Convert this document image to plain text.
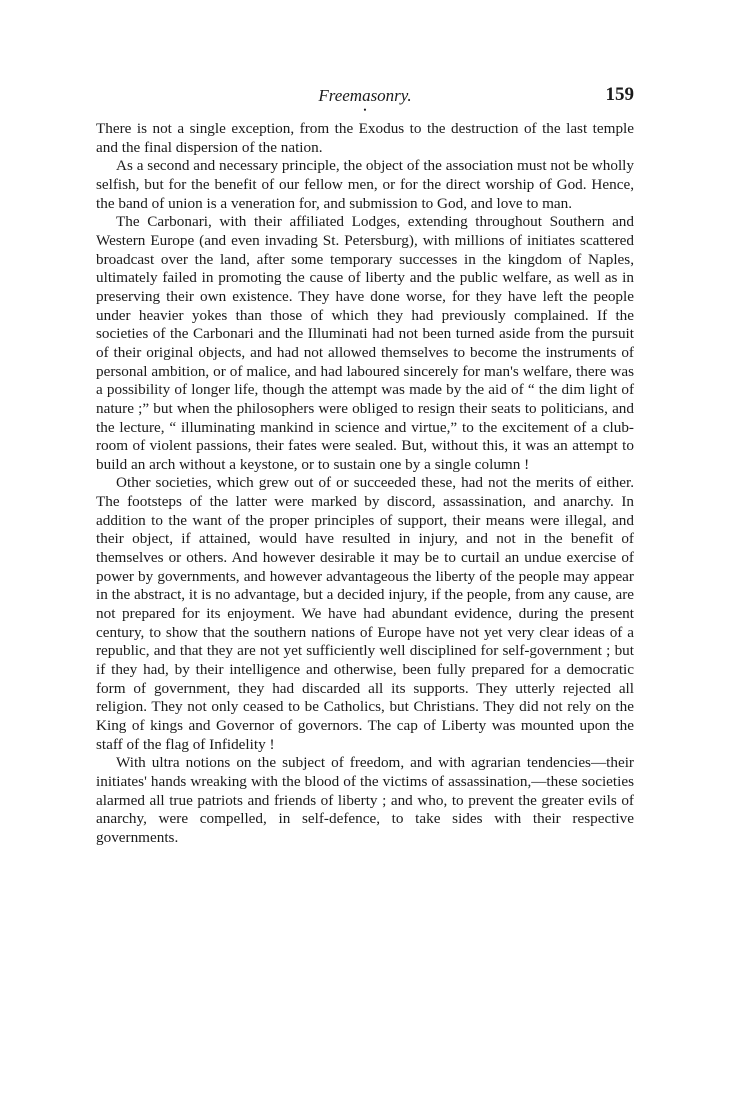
Freemasonry.	159
•

There is not a single exception, from the Exodus to the destruction of the last temple and the final dispersion of the nation.

As a second and necessary principle, the object of the association must not be wholly selfish, but for the benefit of our fellow men, or for the direct worship of God. Hence, the band of union is a veneration for, and submission to God, and love to man.

The Carbonari, with their affiliated Lodges, extending throughout Southern and Western Europe (and even invading St. Petersburg), with millions of initiates scattered broadcast over the land, after some temporary successes in the kingdom of Naples, ultimately failed in promoting the cause of liberty and the public welfare, as well as in preserving their own existence. They have done worse, for they have left the people under heavier yokes than those of which they had previously complained. If the societies of the Carbonari and the Illuminati had not been turned aside from the pursuit of their original objects, and had not allowed themselves to become the instruments of personal ambition, or of malice, and had laboured sincerely for man's welfare, there was a possibility of longer life, though the attempt was made by the aid of “ the dim light of nature ;” but when the philosophers were obliged to resign their seats to politicians, and the lecture, “ illuminating mankind in science and virtue,” to the excitement of a club-room of violent passions, their fates were sealed. But, without this, it was an attempt to build an arch without a keystone, or to sustain one by a single column !

Other societies, which grew out of or succeeded these, had not the merits of either. The footsteps of the latter were marked by discord, assassination, and anarchy. In addition to the want of the proper principles of support, their means were illegal, and their object, if attained, would have resulted in injury, and not in the benefit of themselves or others. And however desirable it may be to curtail an undue exercise of power by governments, and however advantageous the liberty of the people may appear in the abstract, it is no advantage, but a decided injury, if the people, from any cause, are not prepared for its enjoyment. We have had abundant evidence, during the present century, to show that the southern nations of Europe have not yet very clear ideas of a republic, and that they are not yet sufficiently well disciplined for self-government ; but if they had, by their intelligence and otherwise, been fully prepared for a democratic form of government, they had discarded all its supports. They utterly rejected all religion. They not only ceased to be Catholics, but Christians. They did not rely on the King of kings and Governor of governors. The cap of Liberty was mounted upon the staff of the flag of Infidelity !

With ultra notions on the subject of freedom, and with agrarian tendencies—their initiates' hands wreaking with the blood of the victims of assassination,—these societies alarmed all true patriots and friends of liberty ; and who, to prevent the greater evils of anarchy, were compelled, in self-defence, to take sides with their respective governments.
